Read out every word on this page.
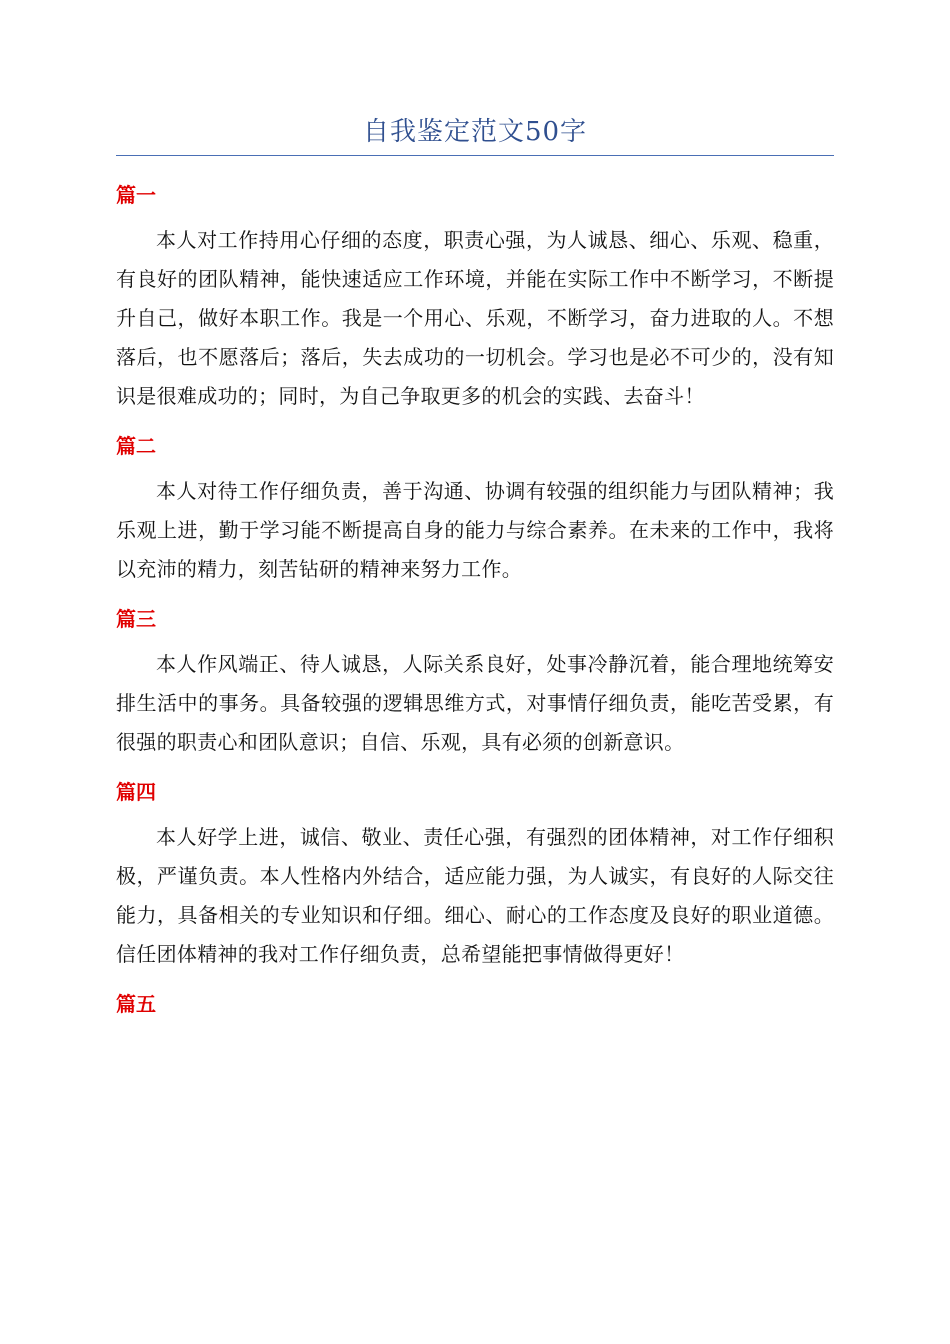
自我鉴定范文50字
篇一

本人对工作持用心仔细的态度，职责心强，为人诚恳、细心、乐观、稳重，有良好的团队精神，能快速适应工作环境，并能在实际工作中不断学习，不断提升自己，做好本职工作。我是一个用心、乐观，不断学习，奋力进取的人。不想落后，也不愿落后；落后，失去成功的一切机会。学习也是必不可少的，没有知识是很难成功的；同时，为自己争取更多的机会的实践、去奋斗！

篇二

本人对待工作仔细负责，善于沟通、协调有较强的组织能力与团队精神；我乐观上进，勤于学习能不断提高自身的能力与综合素养。在未来的工作中，我将以充沛的精力，刻苦钻研的精神来努力工作。

篇三

本人作风端正、待人诚恳，人际关系良好，处事冷静沉着，能合理地统筹安排生活中的事务。具备较强的逻辑思维方式，对事情仔细负责，能吃苦受累，有很强的职责心和团队意识；自信、乐观，具有必须的创新意识。

篇四

本人好学上进，诚信、敬业、责任心强，有强烈的团体精神，对工作仔细积极，严谨负责。本人性格内外结合，适应能力强，为人诚实，有良好的人际交往能力，具备相关的专业知识和仔细。细心、耐心的工作态度及良好的职业道德。信任团体精神的我对工作仔细负责，总希望能把事情做得更好！

篇五
